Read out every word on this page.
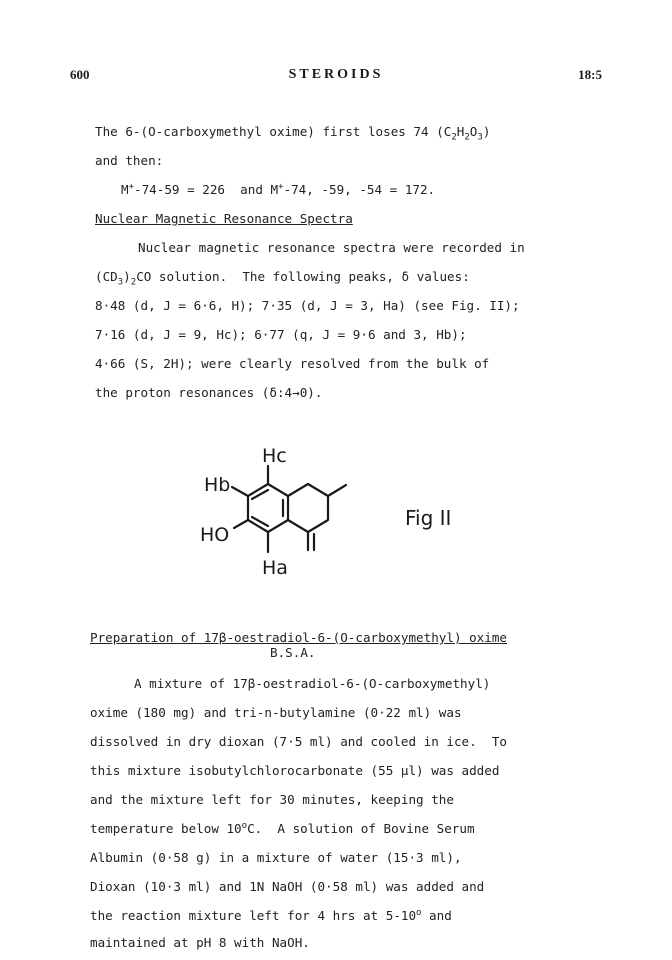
STEROIDS
600	18:5
The 6-(O-carboxymethyl oxime) first loses 74 $(C_2H_2O_3)$
and then:
M+-74-59 = 226  and M+-74, -59, -54 = 172.
Nuclear Magnetic Resonance Spectra
Nuclear magnetic resonance spectra were recorded in
$(CD_3)_2CO$ solution.  The following peaks, δ values:
8·48 (d, J = 6·6, H); 7·35 (d, J = 3, Ha) (see Fig. II);
7·16 (d, J = 9, Hc); 6·77 (q, J = 9·6 and 3, Hb);
4·66 (S, 2H); were clearly resolved from the bulk of
the proton resonances (δ:4→0).
Hc
Hb
HO
Ha
Fig II
Preparation of 17β-oestradiol-6-(O-carboxymethyl) oxime
B.S.A.
A mixture of 17β-oestradiol-6-(O-carboxymethyl)
oxime (180 mg) and tri-n-butylamine (0·22 ml) was
dissolved in dry dioxan (7·5 ml) and cooled in ice.  To
this mixture isobutylchlorocarbonate (55 µl) was added
and the mixture left for 30 minutes, keeping the
temperature below 10$^o$C.  A solution of Bovine Serum
Albumin (0·58 g) in a mixture of water (15·3 ml),
Dioxan (10·3 ml) and 1N NaOH (0·58 ml) was added and
the reaction mixture left for 4 hrs at 5-10$^o$ and
maintained at pH 8 with NaOH.
